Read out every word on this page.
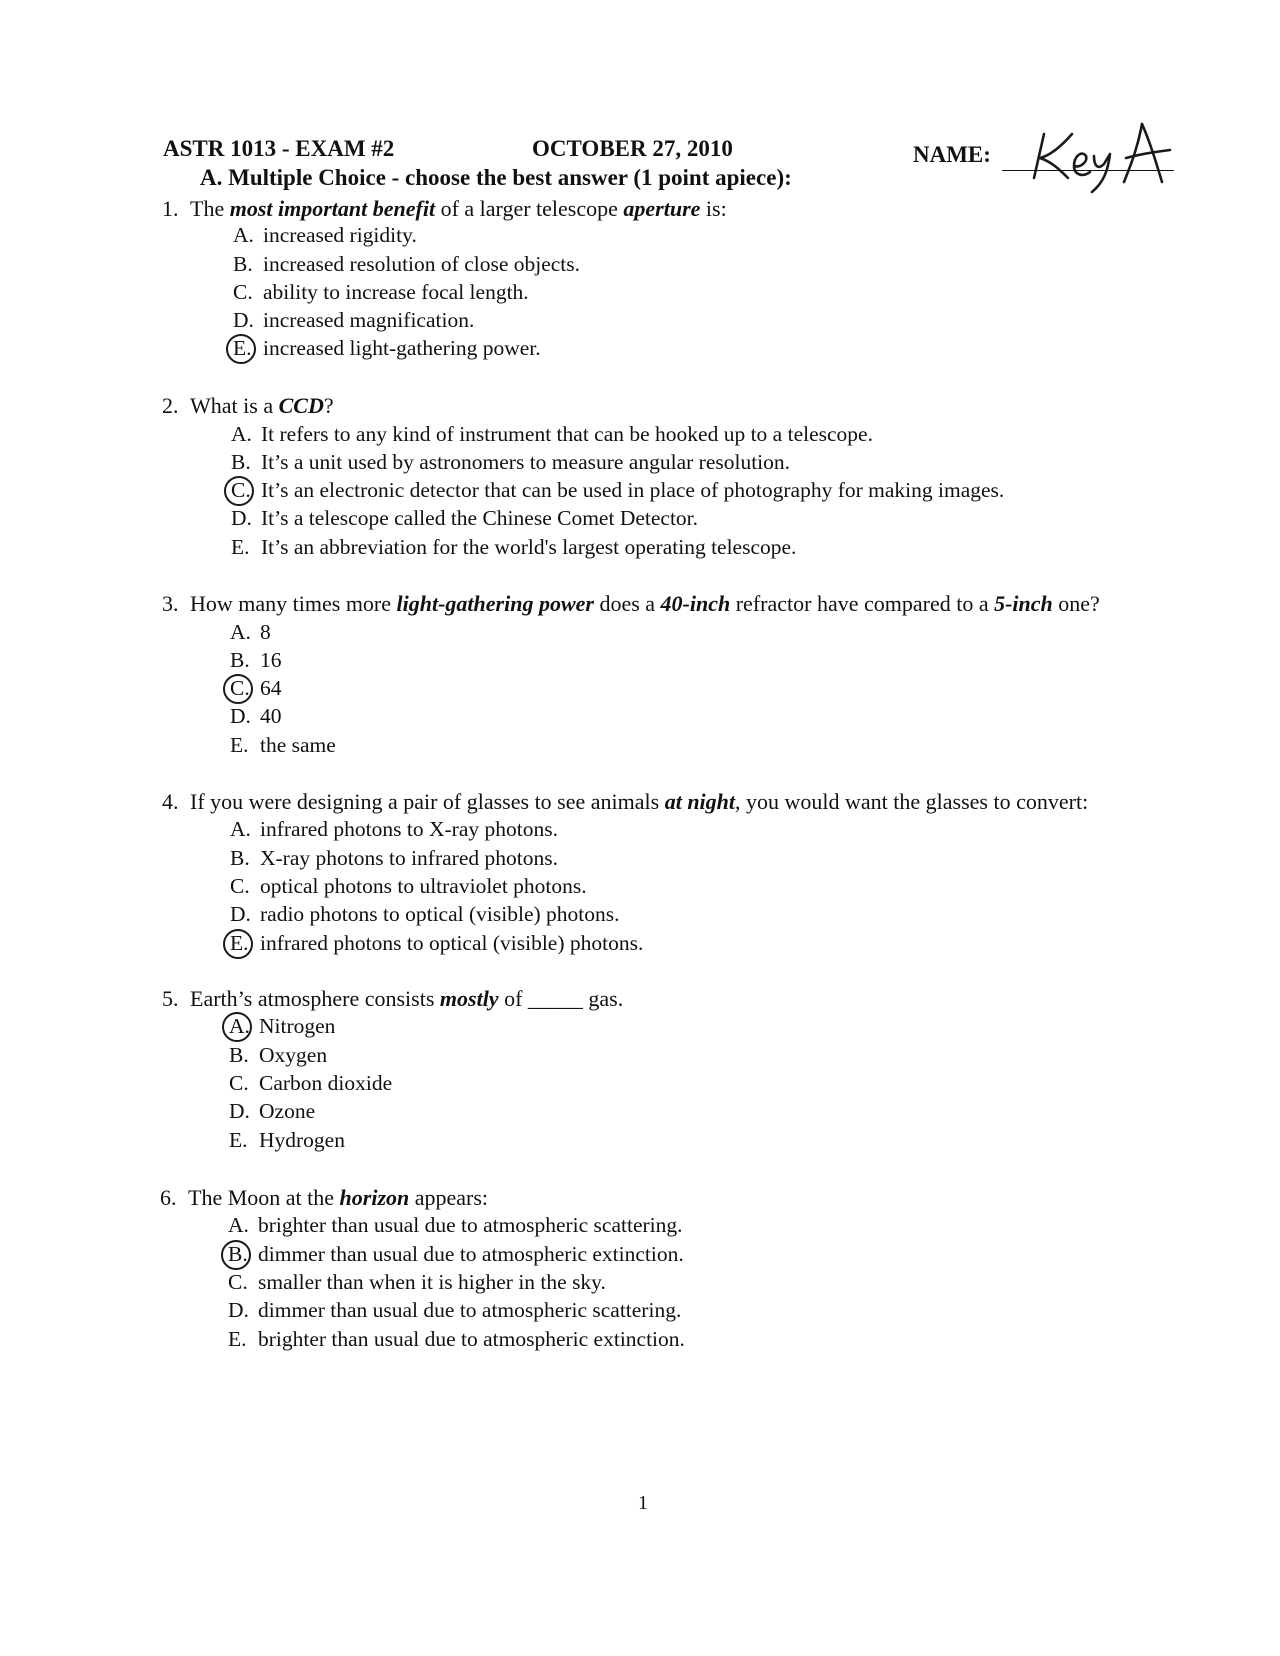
ASTR 1013 - EXAM #2	OCTOBER 27, 2010	NAME:
A. Multiple Choice - choose the best answer (1 point apiece):
1. The most important benefit of a larger telescope aperture is:
A. increased rigidity.
B. increased resolution of close objects.
C. ability to increase focal length.
D. increased magnification.
E. increased light-gathering power.
2. What is a CCD?
A. It refers to any kind of instrument that can be hooked up to a telescope.
B. It’s a unit used by astronomers to measure angular resolution.
C. It’s an electronic detector that can be used in place of photography for making images.
D. It’s a telescope called the Chinese Comet Detector.
E. It’s an abbreviation for the world's largest operating telescope.
3. How many times more light-gathering power does a 40-inch refractor have compared to a 5-inch one?
A. 8
B. 16
C. 64
D. 40
E. the same
4. If you were designing a pair of glasses to see animals at night, you would want the glasses to convert:
A. infrared photons to X-ray photons.
B. X-ray photons to infrared photons.
C. optical photons to ultraviolet photons.
D. radio photons to optical (visible) photons.
E. infrared photons to optical (visible) photons.
5. Earth’s atmosphere consists mostly of _____ gas.
A. Nitrogen
B. Oxygen
C. Carbon dioxide
D. Ozone
E. Hydrogen
6. The Moon at the horizon appears:
A. brighter than usual due to atmospheric scattering.
B. dimmer than usual due to atmospheric extinction.
C. smaller than when it is higher in the sky.
D. dimmer than usual due to atmospheric scattering.
E. brighter than usual due to atmospheric extinction.
1
